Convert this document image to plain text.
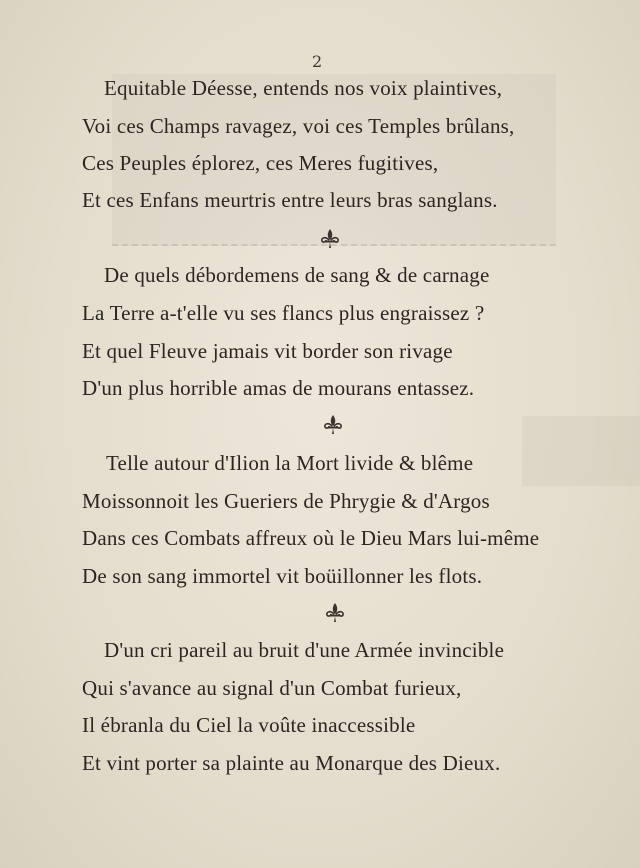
2
Equitable Déesse, entends nos voix plaintives,
Voi ces Champs ravagez, voi ces Temples brûlans,
Ces Peuples éplorez, ces Meres fugitives,
Et ces Enfans meurtris entre leurs bras sanglans.
De quels débordemens de sang & de carnage
La Terre a-t'elle vu ses flancs plus engraissez ?
Et quel Fleuve jamais vit border son rivage
D'un plus horrible amas de mourans entassez.
Telle autour d'Ilion la Mort livide & blême
Moissonnoit les Gueriers de Phrygie & d'Argos
Dans ces Combats affreux où le Dieu Mars lui-même
De son sang immortel vit boüillonner les flots.
D'un cri pareil au bruit d'une Armée invincible
Qui s'avance au signal d'un Combat furieux,
Il ébranla du Ciel la voûte inaccessible
Et vint porter sa plainte au Monarque des Dieux.
